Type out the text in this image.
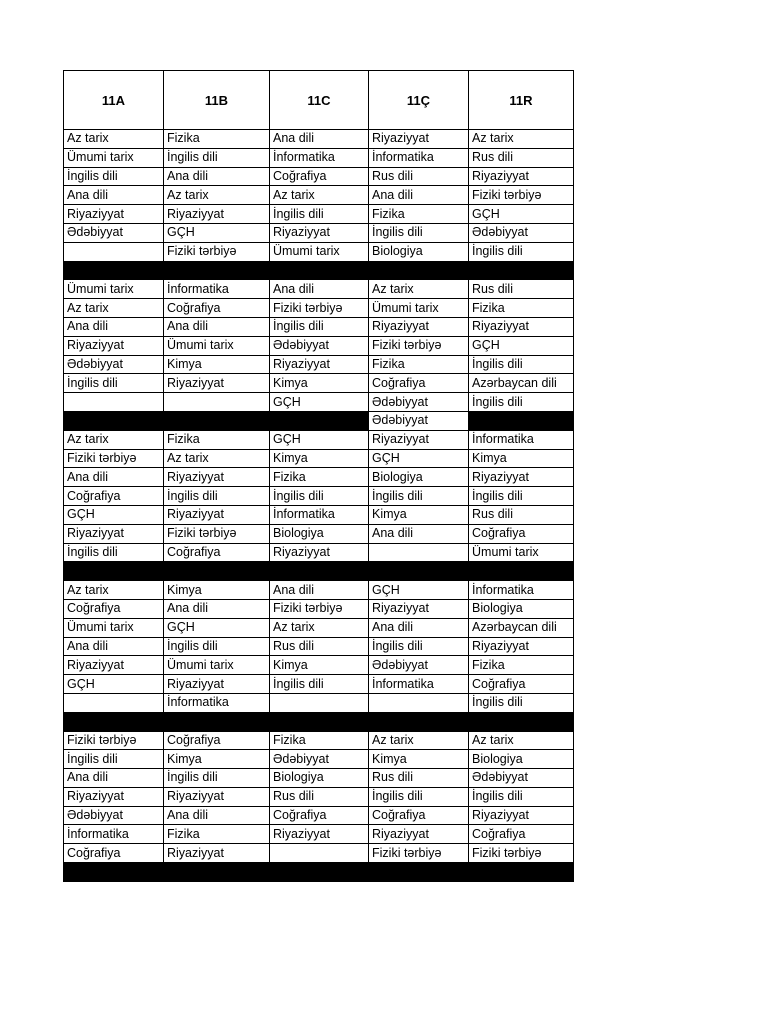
11A	11B	11C	11Ç	11R
Az tarix	Fizika	Ana dili	Riyaziyyat	Az tarix
Ümumi tarix	İngilis dili	İnformatika	İnformatika	Rus dili
İngilis dili	Ana dili	Coğrafiya	Rus dili	Riyaziyyat
Ana dili	Az tarix	Az tarix	Ana dili	Fiziki tərbiyə
Riyaziyyat	Riyaziyyat	İngilis dili	Fizika	GÇH
Ədəbiyyat	GÇH	Riyaziyyat	İngilis dili	Ədəbiyyat
	Fiziki tərbiyə	Ümumi tarix	Biologiya	İngilis dili

Ümumi tarix	İnformatika	Ana dili	Az tarix	Rus dili
Az tarix	Coğrafiya	Fiziki tərbiyə	Ümumi tarix	Fizika
Ana dili	Ana dili	İngilis dili	Riyaziyyat	Riyaziyyat
Riyaziyyat	Ümumi tarix	Ədəbiyyat	Fiziki tərbiyə	GÇH
Ədəbiyyat	Kimya	Riyaziyyat	Fizika	İngilis dili
İngilis dili	Riyaziyyat	Kimya	Coğrafiya	Azərbaycan dili
		GÇH	Ədəbiyyat	İngilis dili
			Ədəbiyyat	
Az tarix	Fizika	GÇH	Riyaziyyat	İnformatika
Fiziki tərbiyə	Az tarix	Kimya	GÇH	Kimya
Ana dili	Riyaziyyat	Fizika	Biologiya	Riyaziyyat
Coğrafiya	İngilis dili	İngilis dili	İngilis dili	İngilis dili
GÇH	Riyaziyyat	İnformatika	Kimya	Rus dili
Riyaziyyat	Fiziki tərbiyə	Biologiya	Ana dili	Coğrafiya
İngilis dili	Coğrafiya	Riyaziyyat		Ümumi tarix

Az tarix	Kimya	Ana dili	GÇH	İnformatika
Coğrafiya	Ana dili	Fiziki tərbiyə	Riyaziyyat	Biologiya
Ümumi tarix	GÇH	Az tarix	Ana dili	Azərbaycan dili
Ana dili	İngilis dili	Rus dili	İngilis dili	Riyaziyyat
Riyaziyyat	Ümumi tarix	Kimya	Ədəbiyyat	Fizika
GÇH	Riyaziyyat	İngilis dili	İnformatika	Coğrafiya
	İnformatika			İngilis dili

Fiziki tərbiyə	Coğrafiya	Fizika	Az tarix	Az tarix
İngilis dili	Kimya	Ədəbiyyat	Kimya	Biologiya
Ana dili	İngilis dili	Biologiya	Rus dili	Ədəbiyyat
Riyaziyyat	Riyaziyyat	Rus dili	İngilis dili	İngilis dili
Ədəbiyyat	Ana dili	Coğrafiya	Coğrafiya	Riyaziyyat
İnformatika	Fizika	Riyaziyyat	Riyaziyyat	Coğrafiya
Coğrafiya	Riyaziyyat		Fiziki tərbiyə	Fiziki tərbiyə
